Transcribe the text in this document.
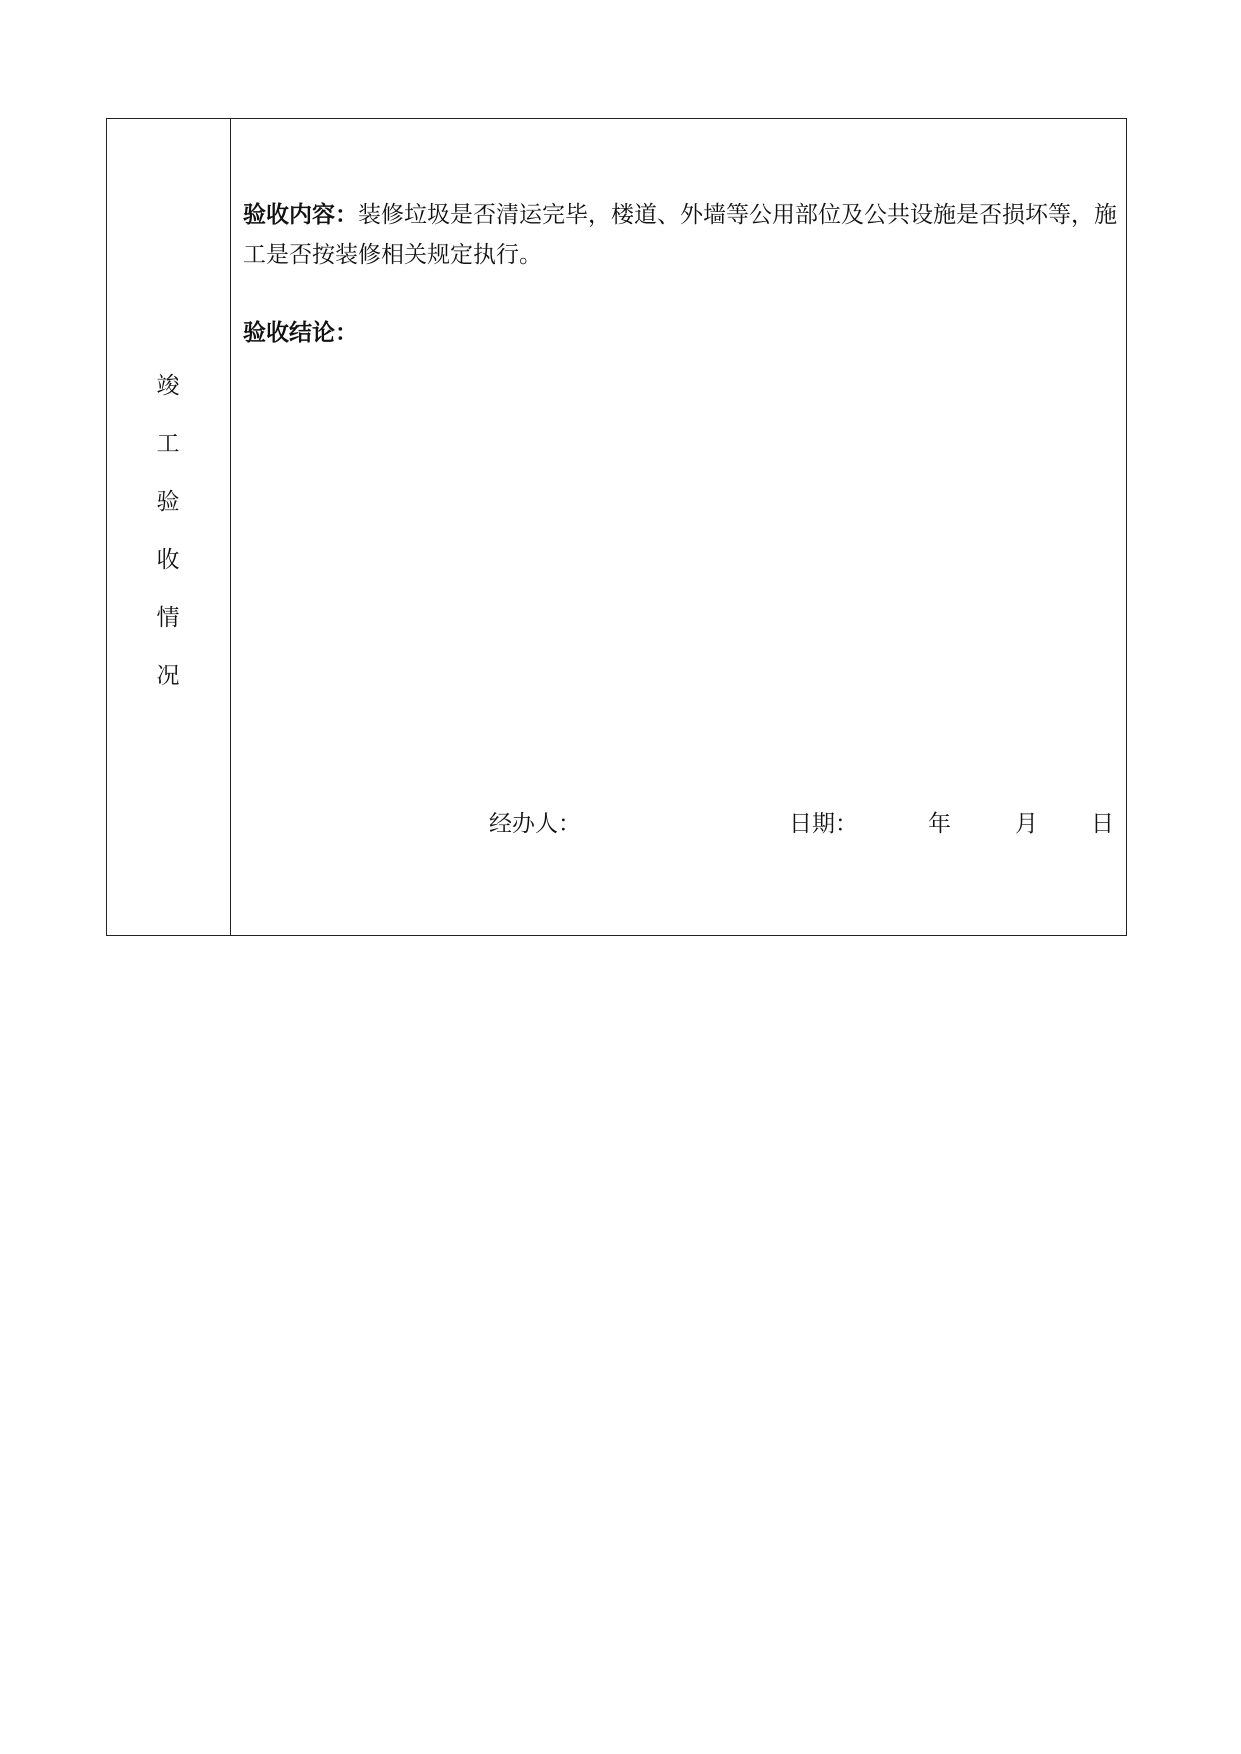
竣
工
验
收
情
况

验收内容：装修垃圾是否清运完毕，楼道、外墙等公用部位及公共设施是否损坏等，施工是否按装修相关规定执行。

验收结论：

经办人：	日期：	年	月 日
